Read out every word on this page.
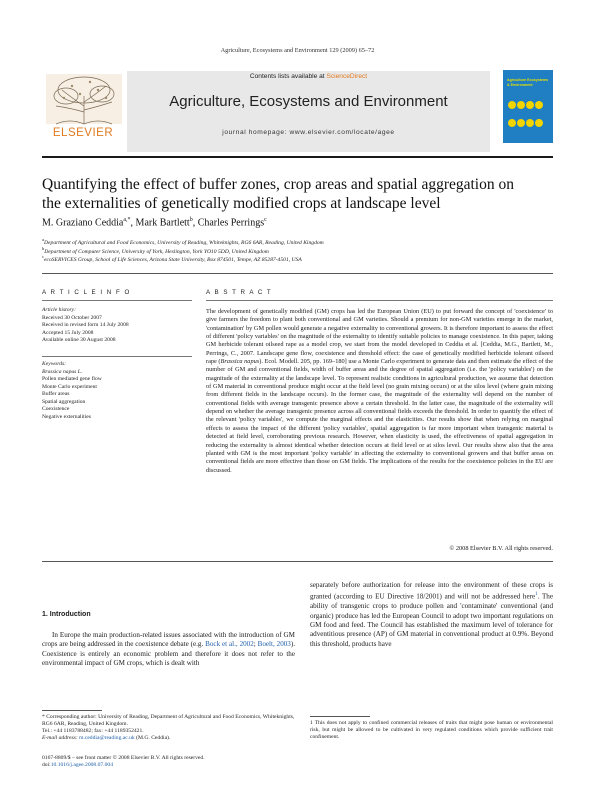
Agriculture, Ecosystems and Environment 129 (2009) 65–72
Contents lists available at ScienceDirect
Agriculture, Ecosystems and Environment
journal homepage: www.elsevier.com/locate/agee
ELSEVIER
Agriculture Ecosystems & Environment

Quantifying the effect of buffer zones, crop areas and spatial aggregation on
the externalities of genetically modified crops at landscape level
M. Graziano Ceddia$^{a,*}$, Mark Bartlett$^b$, Charles Perrings$^c$
$^a$Department of Agricultural and Food Economics, University of Reading, Whiteknights, RG6 6AR, Reading, United Kingdom
$^b$Department of Computer Science, University of York, Heslington, York YO10 5DD, United Kingdom
$^c$ecoSERVICES Group, School of Life Sciences, Arizona State University, Box 874501, Tempe, AZ 85287-4501, USA
A R T I C L E I N F O
Article history:
Received 30 October 2007
Received in revised form 14 July 2008
Accepted 15 July 2008
Available online 30 August 2008
Keywords:
Brassica napus L.
Pollen mediated gene flow
Monte Carlo experiment
Buffer areas
Spatial aggregation
Coexistence
Negative externalities
A B S T R A C T
The development of genetically modified (GM) crops has led the European Union (EU) to put forward the concept of 'coexistence' to give farmers the freedom to plant both conventional and GM varieties. Should a premium for non-GM varieties emerge in the market, 'contamination' by GM pollen would generate a negative externality to conventional growers. It is therefore important to assess the effect of different 'policy variables' on the magnitude of the externality to identify suitable policies to manage coexistence. In this paper, taking GM herbicide tolerant oilseed rape as a model crop, we start from the model developed in Ceddia et al. [Ceddia, M.G., Bartlett, M., Perrings, C., 2007. Landscape gene flow, coexistence and threshold effect: the case of genetically modified herbicide tolerant oilseed rape (Brassica napus). Ecol. Modell. 205, pp. 169–180] use a Monte Carlo experiment to generate data and then estimate the effect of the number of GM and conventional fields, width of buffer areas and the degree of spatial aggregation (i.e. the 'policy variables') on the magnitude of the externality at the landscape level. To represent realistic conditions in agricultural production, we assume that detection of GM material in conventional produce might occur at the field level (no grain mixing occurs) or at the silos level (where grain mixing from different fields in the landscape occurs). In the former case, the magnitude of the externality will depend on the number of conventional fields with average transgenic presence above a certain threshold. In the latter case, the magnitude of the externality will depend on whether the average transgenic presence across all conventional fields exceeds the threshold. In order to quantify the effect of the relevant 'policy variables', we compute the marginal effects and the elasticities. Our results show that when relying on marginal effects to assess the impact of the different 'policy variables', spatial aggregation is far more important when transgenic material is detected at field level, corroborating previous research. However, when elasticity is used, the effectiveness of spatial aggregation in reducing the externality is almost identical whether detection occurs at field level or at silos level. Our results show also that the area planted with GM is the most important 'policy variable' in affecting the externality to conventional growers and that buffer areas on conventional fields are more effective than those on GM fields. The implications of the results for the coexistence policies in the EU are discussed.
© 2008 Elsevier B.V. All rights reserved.
1. Introduction
In Europe the main production-related issues associated with the introduction of GM crops are being addressed in the coexistence debate (e.g. Bock et al., 2002; Boelt, 2003). Coexistence is entirely an economic problem and therefore it does not refer to the environmental impact of GM crops, which is dealt with
separately before authorization for release into the environment of these crops is granted (according to EU Directive 18/2001) and will not be addressed here$^1$. The ability of transgenic crops to produce pollen and 'contaminate' conventional (and organic) produce has led the European Council to adopt two important regulations on GM food and feed. The Council has established the maximum level of tolerance for adventitious presence (AP) of GM material in conventional product at 0.9%. Beyond this threshold, products have
* Corresponding author: University of Reading, Department of Agricultural and Food Economics, Whiteknights, RG6 6AR, Reading, United Kingdom.
Tel.: +44 1183788482; fax: +44 1189352421.
E-mail address: m.ceddia@reading.ac.uk (M.G. Ceddia).
1 This does not apply to confined commercial releases of traits that might pose human or environmental risk, but might be allowed to be cultivated in very regulated conditions which provide sufficient trait confinement.
0167-8809/$ – see front matter © 2008 Elsevier B.V. All rights reserved.
doi:10.1016/j.agee.2008.07.004
